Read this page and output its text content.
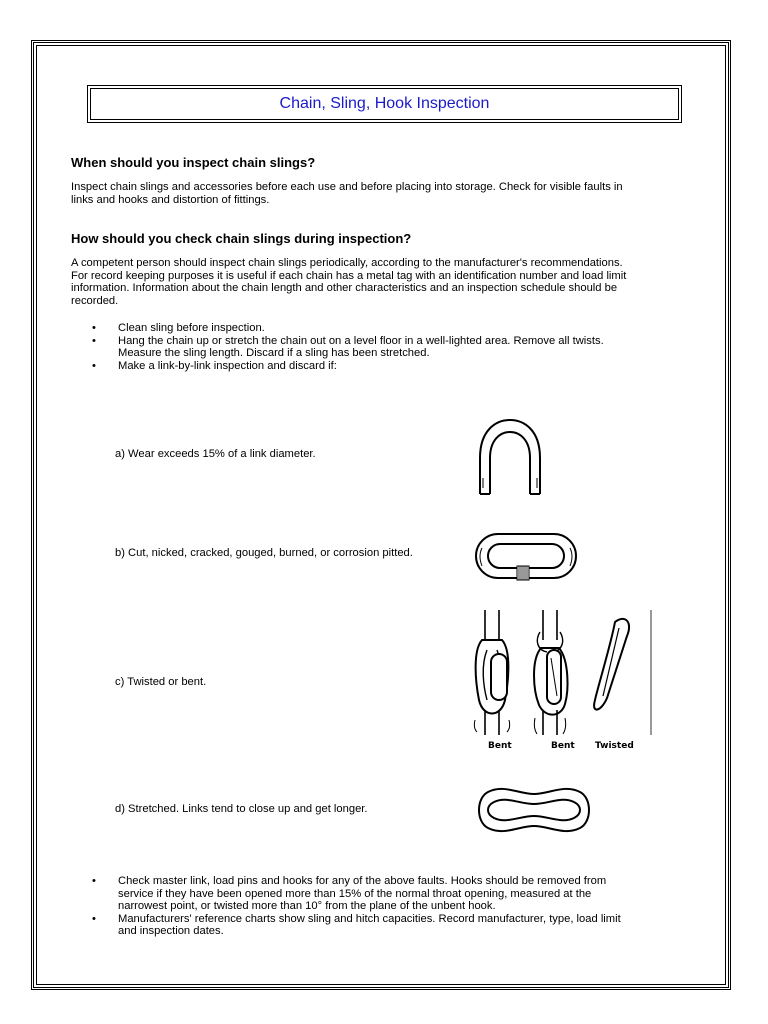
Chain, Sling, Hook Inspection
When should you inspect chain slings?
Inspect chain slings and accessories before each use and before placing into storage. Check for visible faults in
links and hooks and distortion of fittings.
How should you check chain slings during inspection?
A competent person should inspect chain slings periodically, according to the manufacturer's recommendations.
For record keeping purposes it is useful if each chain has a metal tag with an identification number and load limit
information. Information about the chain length and other characteristics and an inspection schedule should be
recorded.
• Clean sling before inspection.
• Hang the chain up or stretch the chain out on a level floor in a well-lighted area. Remove all twists.
Measure the sling length. Discard if a sling has been stretched.
• Make a link-by-link inspection and discard if:
a) Wear exceeds 15% of a link diameter.
b) Cut, nicked, cracked, gouged, burned, or corrosion pitted.
c) Twisted or bent.
d) Stretched. Links tend to close up and get longer.
Bent	Bent Twisted
• Check master link, load pins and hooks for any of the above faults. Hooks should be removed from
service if they have been opened more than 15% of the normal throat opening, measured at the
narrowest point, or twisted more than 10° from the plane of the unbent hook.
• Manufacturers' reference charts show sling and hitch capacities. Record manufacturer, type, load limit
and inspection dates.
